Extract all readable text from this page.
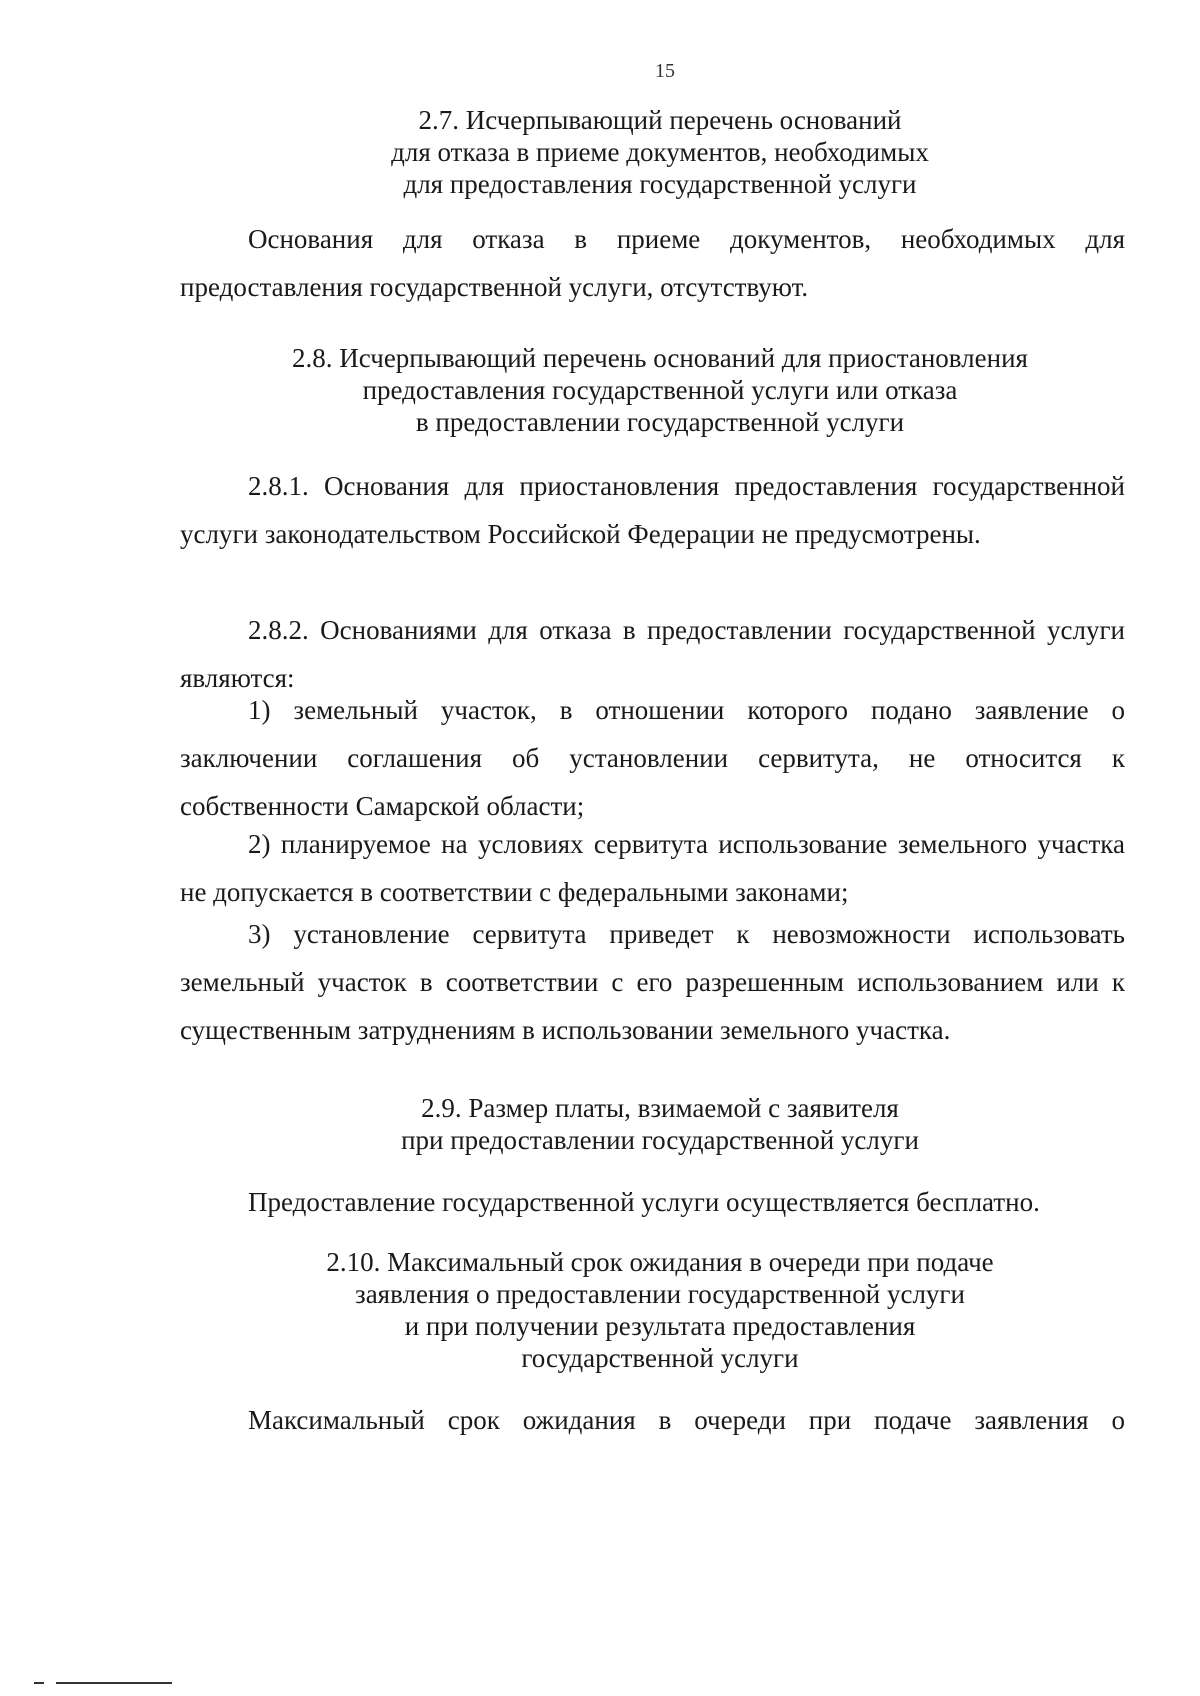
15
2.7. Исчерпывающий перечень оснований
для отказа в приеме документов, необходимых
для предоставления государственной услуги
Основания для отказа в приеме документов, необходимых для предоставления государственной услуги, отсутствуют.
2.8. Исчерпывающий перечень оснований для приостановления
предоставления государственной услуги или отказа
в предоставлении государственной услуги
2.8.1. Основания для приостановления предоставления государственной услуги законодательством Российской Федерации не предусмотрены.
2.8.2. Основаниями для отказа в предоставлении государственной услуги являются:
1) земельный участок, в отношении которого подано заявление о заключении соглашения об установлении сервитута, не относится к собственности Самарской области;
2) планируемое на условиях сервитута использование земельного участка не допускается в соответствии с федеральными законами;
3) установление сервитута приведет к невозможности использовать земельный участок в соответствии с его разрешенным использованием или к существенным затруднениям в использовании земельного участка.
2.9. Размер платы, взимаемой с заявителя
при предоставлении государственной услуги
Предоставление государственной услуги осуществляется бесплатно.
2.10. Максимальный срок ожидания в очереди при подаче
заявления о предоставлении государственной услуги
и при получении результата предоставления
государственной услуги
Максимальный срок ожидания в очереди при подаче заявления о
